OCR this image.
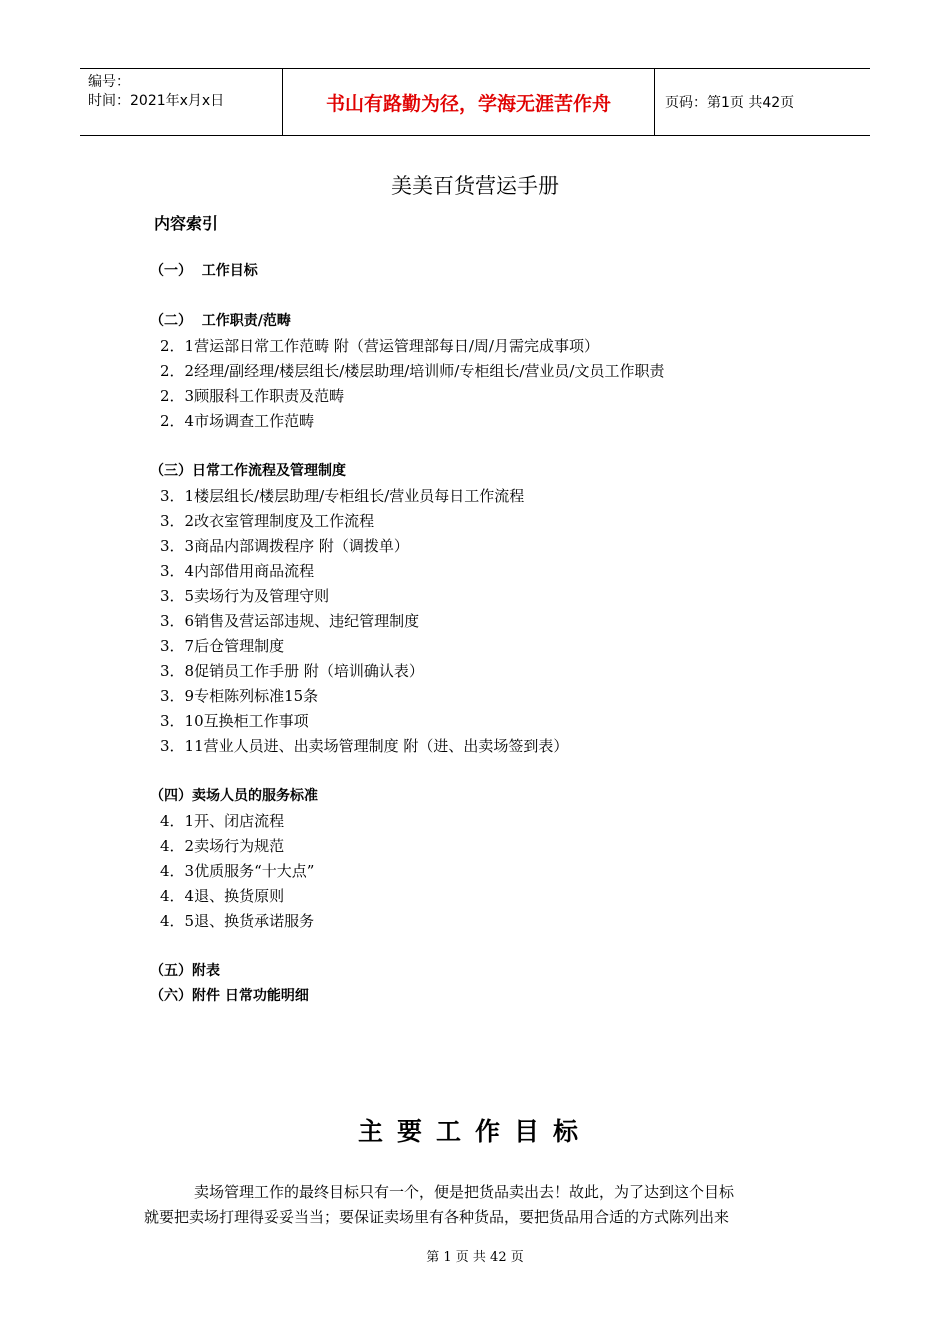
编号：
时间：2021年x月x日	书山有路勤为径，学海无涯苦作舟	页码：第1页 共42页
美美百货营运手册
内容索引
（一）  工作目标
（二）  工作职责/范畴
2．1营运部日常工作范畴 附（营运管理部每日/周/月需完成事项）
2．2经理/副经理/楼层组长/楼层助理/培训师/专柜组长/营业员/文员工作职责
2．3顾服科工作职责及范畴
2．4市场调查工作范畴
（三）日常工作流程及管理制度
3．1楼层组长/楼层助理/专柜组长/营业员每日工作流程
3．2改衣室管理制度及工作流程
3．3商品内部调拨程序 附（调拨单）
3．4内部借用商品流程
3．5卖场行为及管理守则
3．6销售及营运部违规、违纪管理制度
3．7后仓管理制度
3．8促销员工作手册 附（培训确认表）
3．9专柜陈列标准15条
3．10互换柜工作事项
3．11营业人员进、出卖场管理制度 附（进、出卖场签到表）
（四）卖场人员的服务标准
4．1开、闭店流程
4．2卖场行为规范
4．3优质服务“十大点”
4．4退、换货原则
4．5退、换货承诺服务
（五）附表
（六）附件 日常功能明细
主要工作目标

卖场管理工作的最终目标只有一个，便是把货品卖出去！故此，为了达到这个目标

就要把卖场打理得妥妥当当；要保证卖场里有各种货品，要把货品用合适的方式陈列出来

第 1 页 共 42 页
